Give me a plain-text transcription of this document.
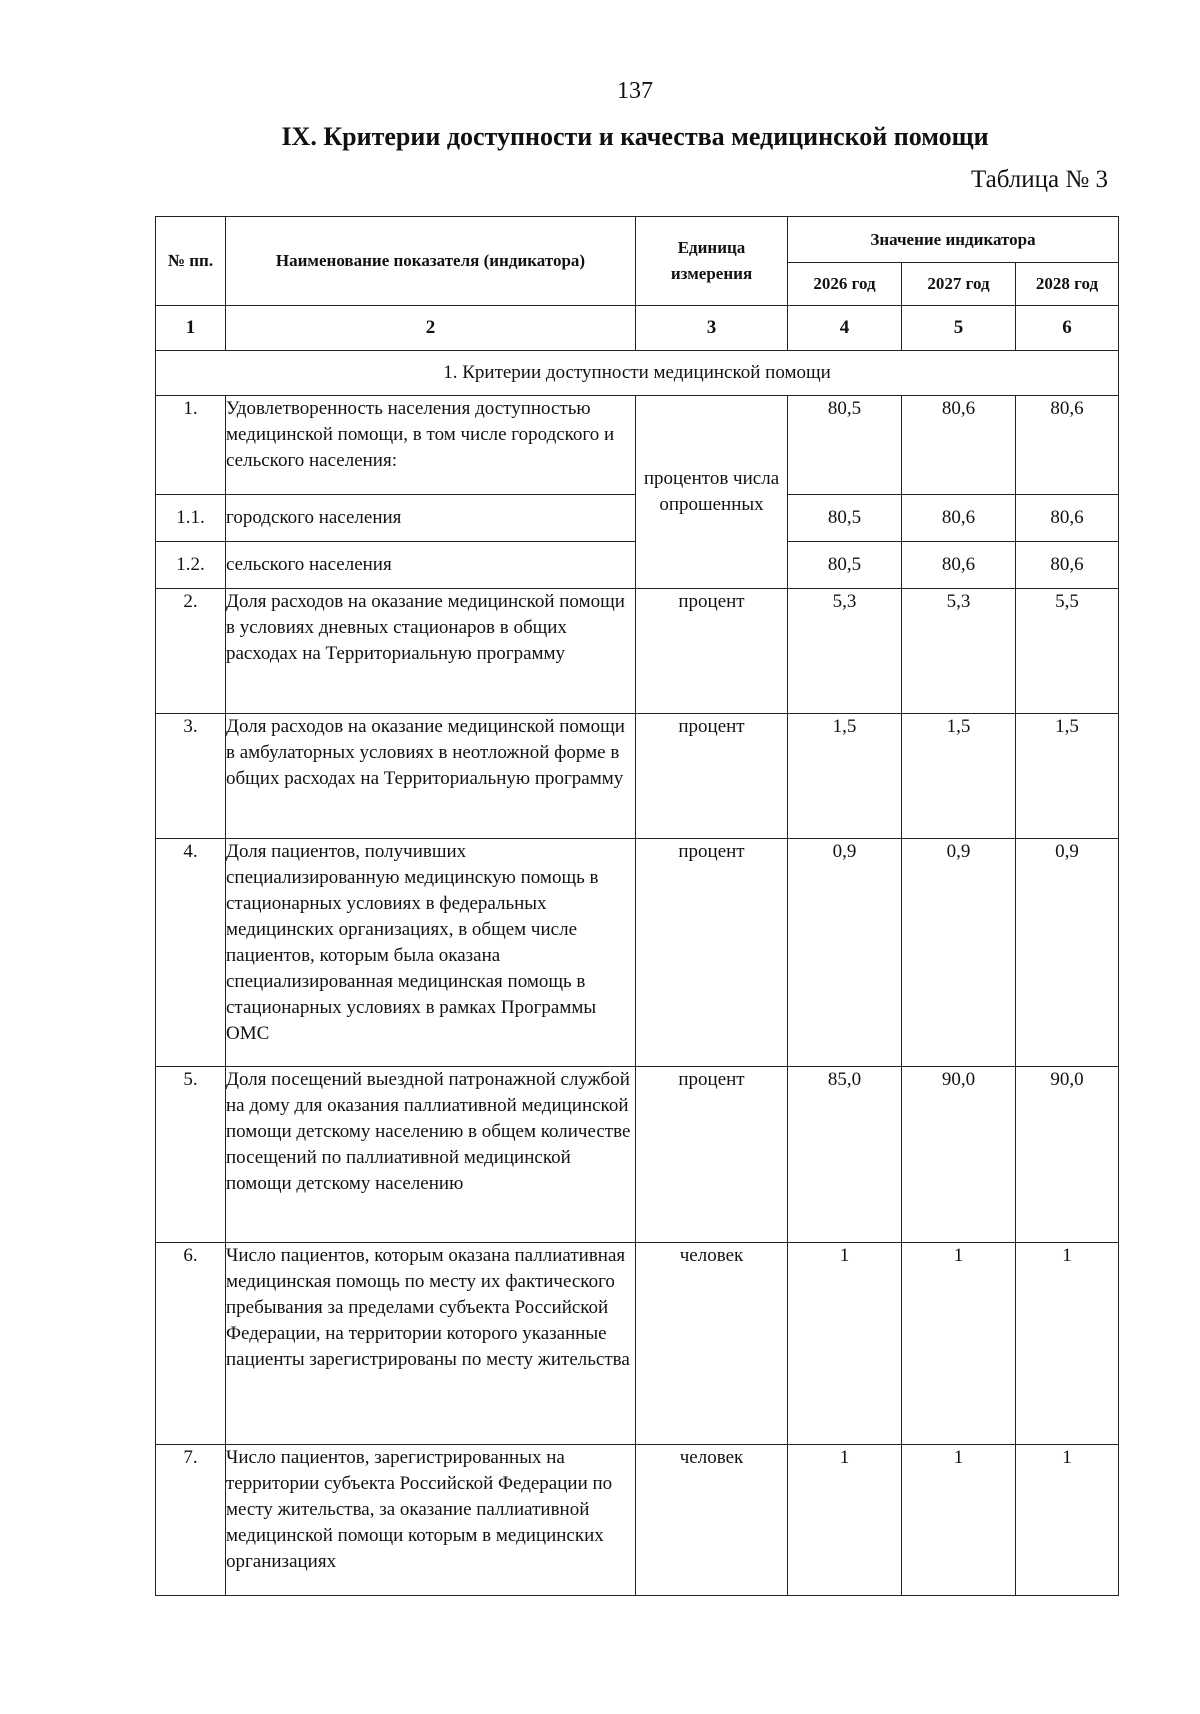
137
IX. Критерии доступности и качества медицинской помощи
Таблица № 3
№ пп.	Наименование показателя (индикатора)	Единица измерения	Значение индикатора		
			2026 год	2027 год	2028 год
1	2	3	4	5	6
1. Критерии доступности медицинской помощи					
1.	Удовлетворенность населения доступностью медицинской помощи, в том числе городского и сельского населения:	процентов числа опрошенных	80,5	80,6	80,6
1.1.	городского населения		80,5	80,6	80,6
1.2.	сельского населения		80,5	80,6	80,6
2.	Доля расходов на оказание медицинской помощи в условиях дневных стационаров в общих расходах на Территориальную программу	процент	5,3	5,3	5,5
3.	Доля расходов на оказание медицинской помощи в амбулаторных условиях в неотложной форме в общих расходах на Территориальную программу	процент	1,5	1,5	1,5
4.	Доля пациентов, получивших специализированную медицинскую помощь в стационарных условиях в федеральных медицинских организациях, в общем числе пациентов, которым была оказана специализированная медицинская помощь в стационарных условиях в рамках Программы ОМС	процент	0,9	0,9	0,9
5.	Доля посещений выездной патронажной службой на дому для оказания паллиативной медицинской помощи детскому населению в общем количестве посещений по паллиативной медицинской помощи детскому населению	процент	85,0	90,0	90,0
6.	Число пациентов, которым оказана паллиативная медицинская помощь по месту их фактического пребывания за пределами субъекта Российской Федерации, на территории которого указанные пациенты зарегистрированы по месту жительства	человек	1	1	1
7.	Число пациентов, зарегистрированных на территории субъекта Российской Федерации по месту жительства, за оказание паллиативной медицинской помощи которым в медицинских организациях	человек	1	1	1
